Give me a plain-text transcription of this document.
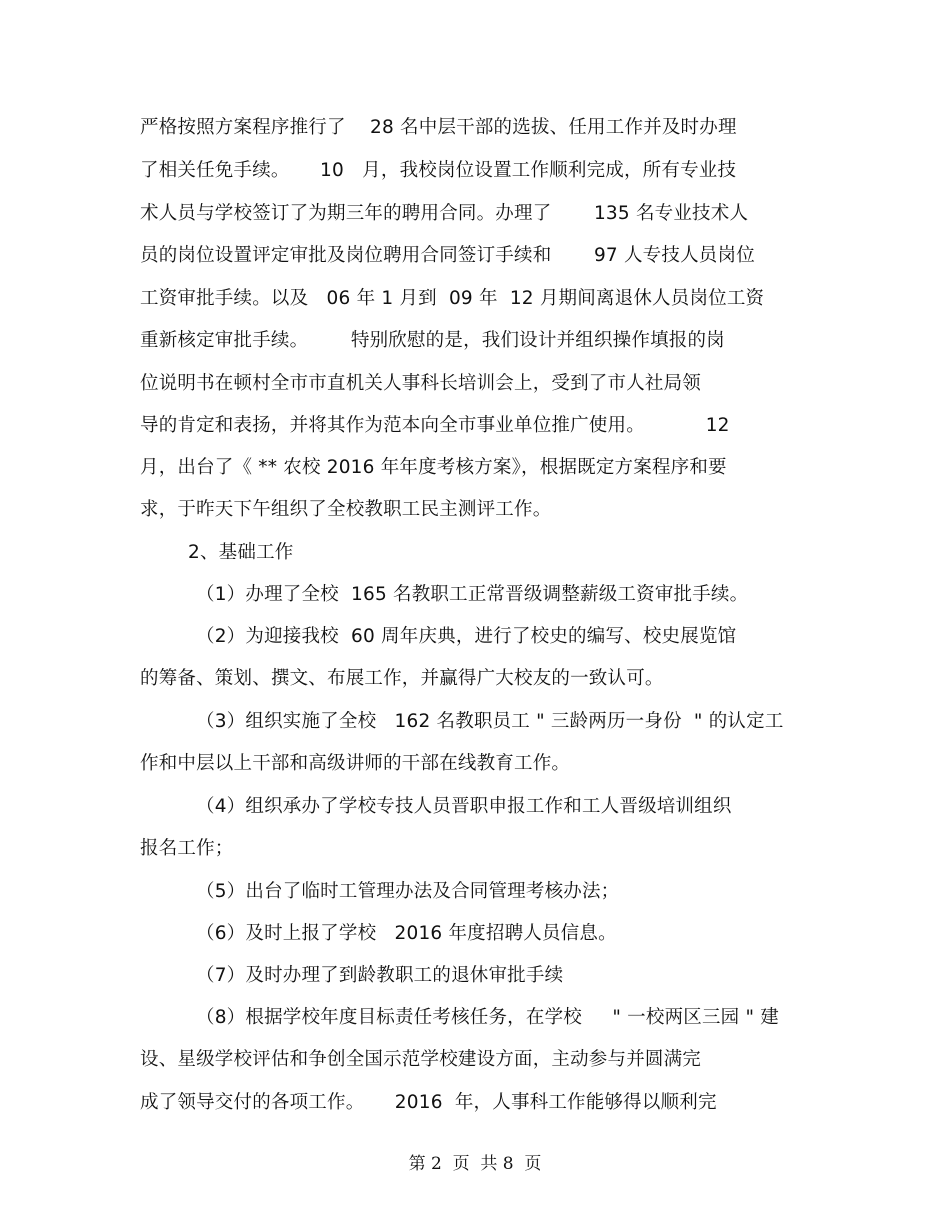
严格按照方案程序推行了    28 名中层干部的选拔、任用工作并及时办理
了相关任免手续。     10   月，我校岗位设置工作顺利完成，所有专业技
术人员与学校签订了为期三年的聘用合同。办理了       135 名专业技术人
员的岗位设置评定审批及岗位聘用合同签订手续和       97 人专技人员岗位
工资审批手续。以及   06 年 1 月到  09 年  12 月期间离退休人员岗位工资
重新核定审批手续。       特别欣慰的是，我们设计并组织操作填报的岗
位说明书在顿村全市市直机关人事科长培训会上，受到了市人社局领
导的肯定和表扬，并将其作为范本向全市事业单位推广使用。          12
月，出台了《 ** 农校 2016 年年度考核方案》，根据既定方案程序和要
求，于昨天下午组织了全校教职工民主测评工作。
2、基础工作
（1）办理了全校  165 名教职工正常晋级调整薪级工资审批手续。
（2）为迎接我校  60 周年庆典，进行了校史的编写、校史展览馆
的筹备、策划、撰文、布展工作，并赢得广大校友的一致认可。
（3）组织实施了全校   162 名教职员工 " 三龄两历一身份  " 的认定工
作和中层以上干部和高级讲师的干部在线教育工作。
（4）组织承办了学校专技人员晋职申报工作和工人晋级培训组织
报名工作；
（5）出台了临时工管理办法及合同管理考核办法；
（6）及时上报了学校   2016 年度招聘人员信息。
（7）及时办理了到龄教职工的退休审批手续
（8）根据学校年度目标责任考核任务，在学校     " 一校两区三园 " 建
设、星级学校评估和争创全国示范学校建设方面，主动参与并圆满完
成了领导交付的各项工作。     2016  年，人事科工作能够得以顺利完
第 2  页  共 8  页
